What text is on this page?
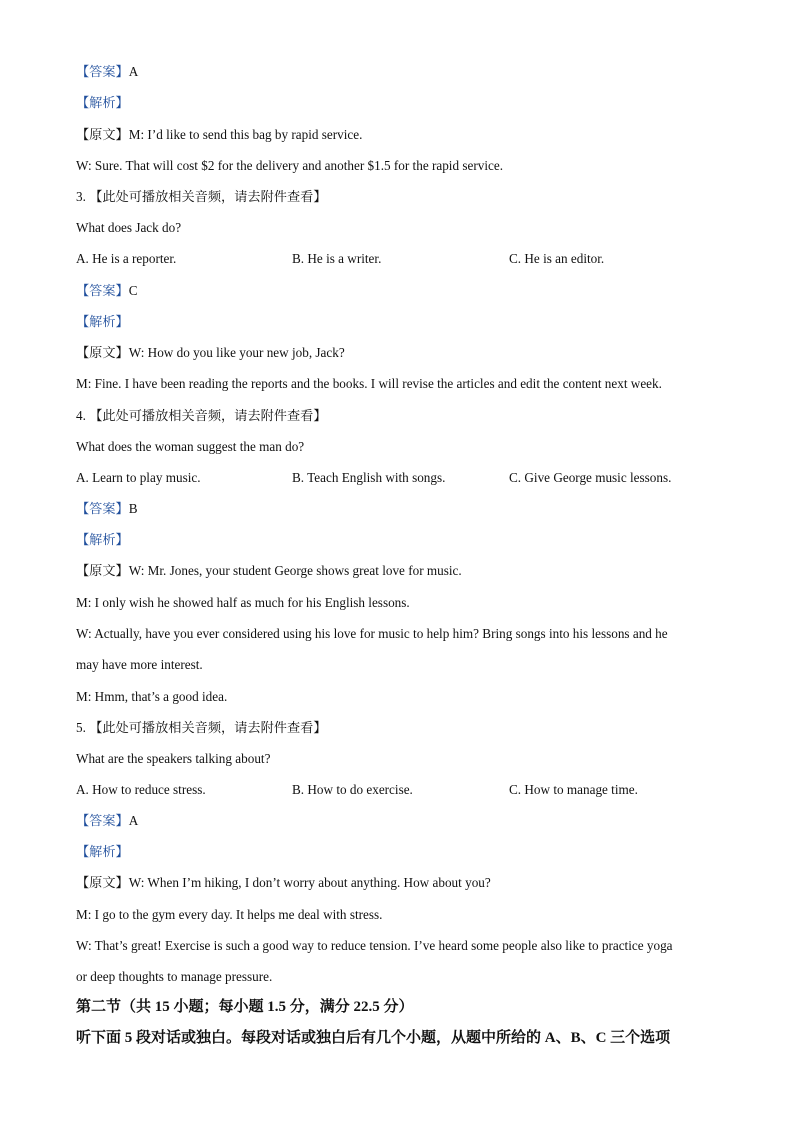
【答案】A
【解析】
【原文】M: I’d like to send this bag by rapid service.
W: Sure. That will cost $2 for the delivery and another $1.5 for the rapid service.
3. 【此处可播放相关音频，请去附件查看】
What does Jack do?
A. He is a reporter.	B. He is a writer.	C. He is an editor.
【答案】C
【解析】
【原文】W: How do you like your new job, Jack?
M: Fine. I have been reading the reports and the books. I will revise the articles and edit the content next week.
4. 【此处可播放相关音频，请去附件查看】
What does the woman suggest the man do?
A. Learn to play music.	B. Teach English with songs.	C. Give George music lessons.
【答案】B
【解析】
【原文】W: Mr. Jones, your student George shows great love for music.
M: I only wish he showed half as much for his English lessons.
W: Actually, have you ever considered using his love for music to help him? Bring songs into his lessons and he
may have more interest.
M: Hmm, that’s a good idea.
5. 【此处可播放相关音频，请去附件查看】
What are the speakers talking about?
A. How to reduce stress.	B. How to do exercise.	C. How to manage time.
【答案】A
【解析】
【原文】W: When I’m hiking, I don’t worry about anything. How about you?
M: I go to the gym every day. It helps me deal with stress.
W: That’s great! Exercise is such a good way to reduce tension. I’ve heard some people also like to practice yoga
or deep thoughts to manage pressure.
第二节（共 15 小题；每小题 1.5 分，满分 22.5 分）
听下面 5 段对话或独白。每段对话或独白后有几个小题，从题中所给的 A、B、C 三个选项
